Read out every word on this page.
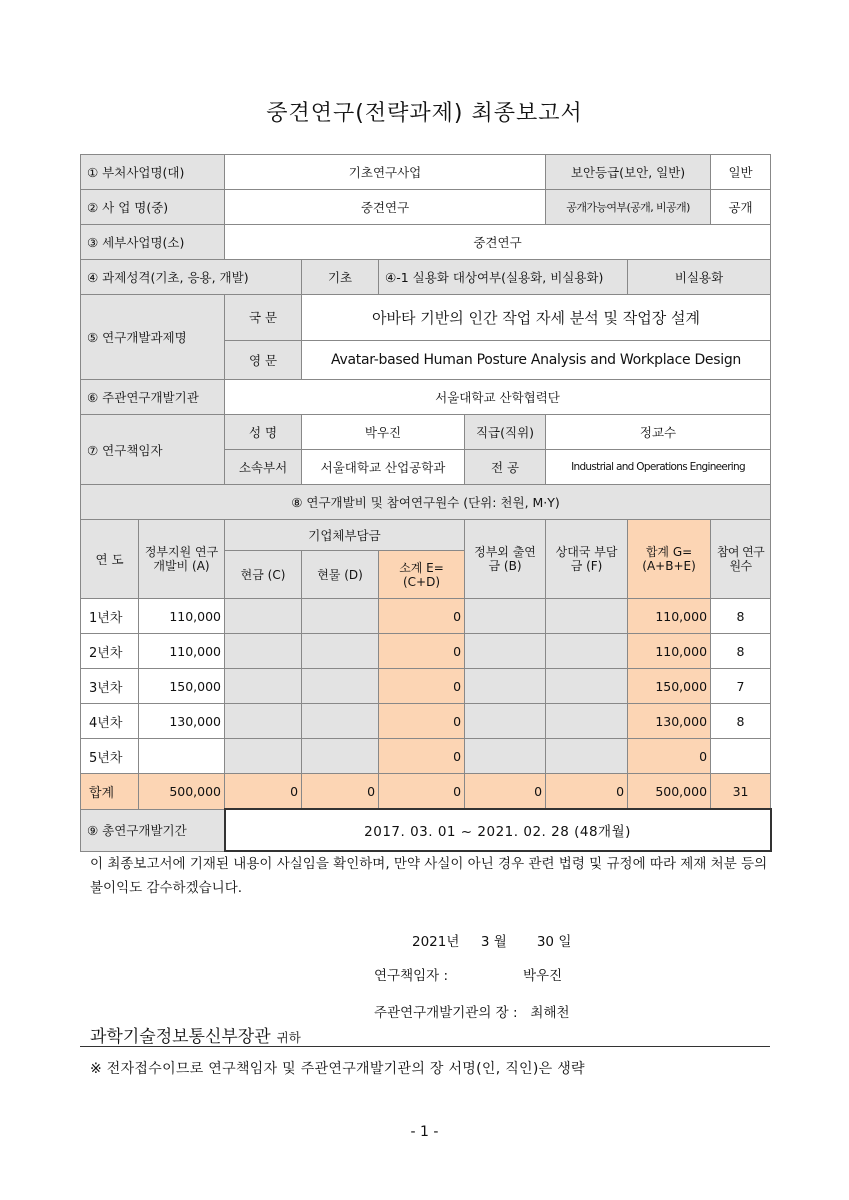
중견연구(전략과제) 최종보고서
① 부처사업명(대)		기초연구사업				보안등급(보안, 일반)		일반
② 사 업 명(중)		중견연구				공개가능여부(공개, 비공개)		공개
③ 세부사업명(소)		중견연구						
④ 과제성격(기초, 응용, 개발)			기초	④-1 실용화 대상여부(실용화, 비실용화)			비실용화	
⑤ 연구개발과제명		국 문	아바타 기반의 인간 작업 자세 분석 및 작업장 설계					
		영 문	Avatar-based Human Posture Analysis and Workplace Design					
⑥ 주관연구개발기관		서울대학교 산학협력단						
⑦ 연구책임자		성 명	박우진		직급(직위)	정교수		
		소속부서	서울대학교 산업공학과		전 공	Industrial and Operations Engineering		
⑧ 연구개발비 및 참여연구원수 (단위: 천원, M·Y)								
연 도	정부지원 연구개발비 (A)	기업체부담금			정부외 출연금 (B)	상대국 부담금 (F)	합계 G=(A+B+E)	참여 연구원수
		현금 (C)	현물 (D)	소계 E=(C+D)				
1년차	110,000			0			110,000	8
2년차	110,000			0			110,000	8
3년차	150,000			0			150,000	7
4년차	130,000			0			130,000	8
5년차				0			0	
합계	500,000	0	0	0	0	0	500,000	31
⑨ 총연구개발기간		2017. 03. 01 ~ 2021. 02. 28 (48개월)						
이 최종보고서에 기재된 내용이 사실임을 확인하며, 만약 사실이 아닌 경우 관련 법령 및 규정에 따라 제재 처분 등의 불이익도 감수하겠습니다.
2021년 3 월 30 일
연구책임자 :	박우진
주관연구개발기관의 장 : 최해천
과학기술정보통신부장관 귀하
※ 전자접수이므로 연구책임자 및 주관연구개발기관의 장 서명(인, 직인)은 생략
- 1 -
